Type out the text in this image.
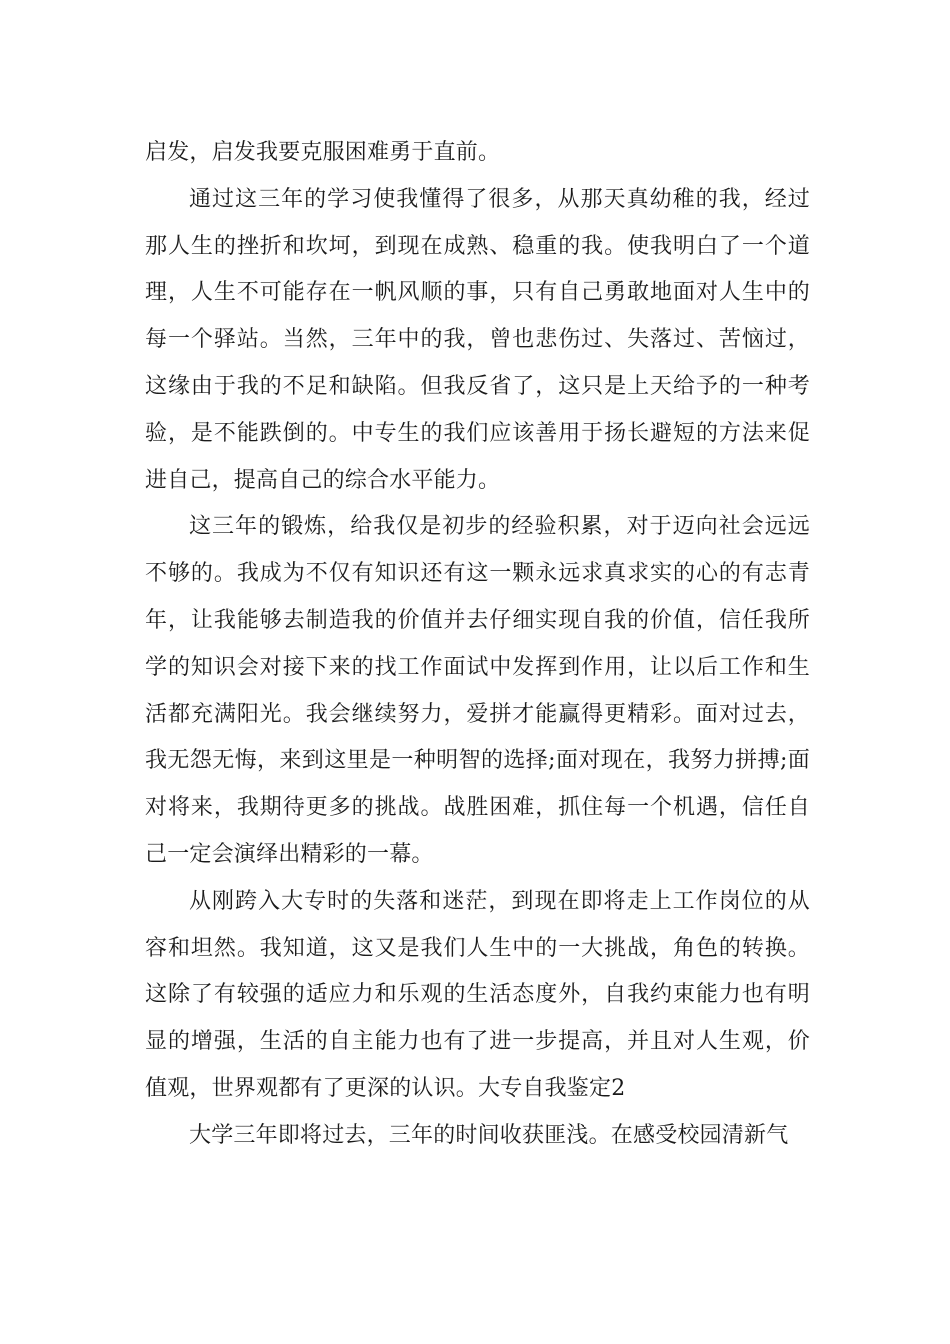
启发，启发我要克服困难勇于直前。

通过这三年的学习使我懂得了很多，从那天真幼稚的我，经过那人生的挫折和坎坷，到现在成熟、稳重的我。使我明白了一个道理，人生不可能存在一帆风顺的事，只有自己勇敢地面对人生中的每一个驿站。当然，三年中的我，曾也悲伤过、失落过、苦恼过，这缘由于我的不足和缺陷。但我反省了，这只是上天给予的一种考验，是不能跌倒的。中专生的我们应该善用于扬长避短的方法来促进自己，提高自己的综合水平能力。

这三年的锻炼，给我仅是初步的经验积累，对于迈向社会远远不够的。我成为不仅有知识还有这一颗永远求真求实的心的有志青年，让我能够去制造我的价值并去仔细实现自我的价值，信任我所学的知识会对接下来的找工作面试中发挥到作用，让以后工作和生活都充满阳光。我会继续努力，爱拼才能赢得更精彩。面对过去，我无怨无悔，来到这里是一种明智的选择;面对现在，我努力拼搏;面对将来，我期待更多的挑战。战胜困难，抓住每一个机遇，信任自己一定会演绎出精彩的一幕。

从刚跨入大专时的失落和迷茫，到现在即将走上工作岗位的从容和坦然。我知道，这又是我们人生中的一大挑战，角色的转换。这除了有较强的适应力和乐观的生活态度外，自我约束能力也有明显的增强，生活的自主能力也有了进一步提高，并且对人生观，价值观，世界观都有了更深的认识。大专自我鉴定2

大学三年即将过去，三年的时间收获匪浅。在感受校园清新气
